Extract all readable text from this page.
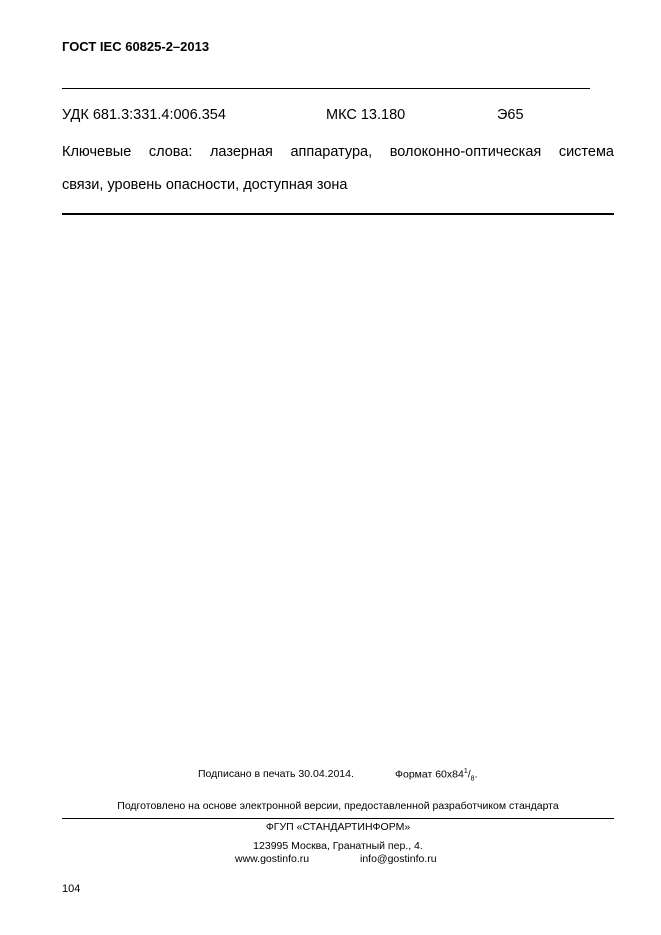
ГОСТ IEC 60825-2–2013
УДК 681.3:331.4:006.354	МКС 13.180	Э65
Ключевые слова: лазерная аппаратура, волоконно-оптическая система
связи, уровень опасности, доступная зона
Подписано в печать 30.04.2014.	Формат $60х84^1/_8$.
Подготовлено на основе электронной версии, предоставленной разработчиком стандарта
ФГУП «СТАНДАРТИНФОРМ»
123995 Москва, Гранатный пер., 4.
www.gostinfo.ru	info@gostinfo.ru
104
